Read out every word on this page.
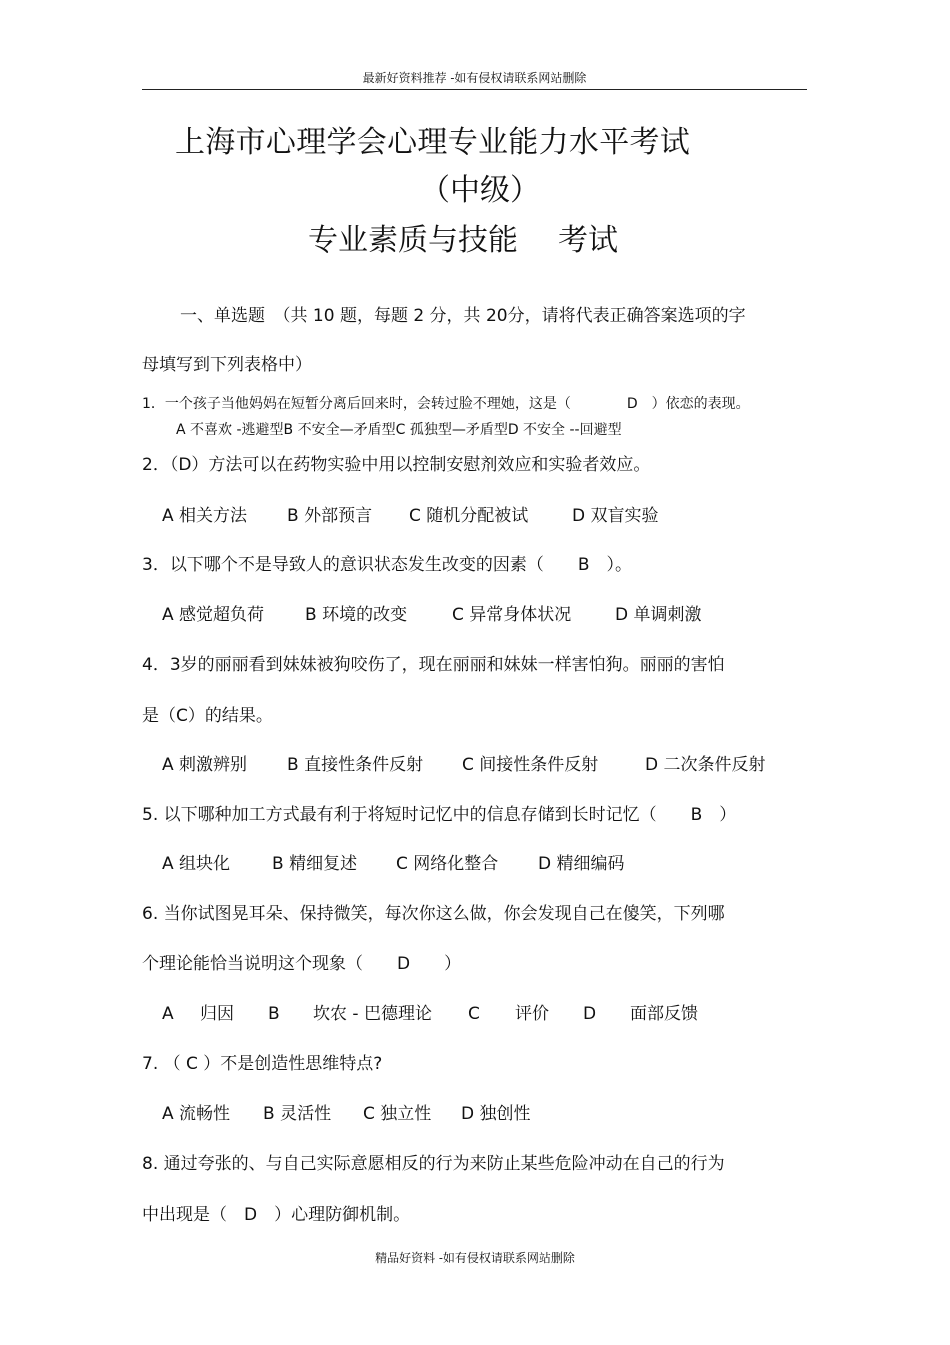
最新好资料推荐 -如有侵权请联系网站删除
上海市心理学会心理专业能力水平考试
（中级）
专业素质与技能 考试
一、单选题　（共 10 题，每题 2 分，共 20分，请将代表正确答案选项的字
母填写到下列表格中）
1．一个孩子当他妈妈在短暂分离后回来时，会转过脸不理她，这是（　　　　D　）依恋的表现。
A 不喜欢 -逃避型B 不安全—矛盾型C 孤独型—矛盾型D 不安全 --回避型
2．（D）方法可以在药物实验中用以控制安慰剂效应和实验者效应。
A 相关方法 B 外部预言 C 随机分配被试	D 双盲实验
3．以下哪个不是导致人的意识状态发生改变的因素（　　B　）。
A 感觉超负荷 B 环境的改变	C 异常身体状况	D 单调刺激
4．3岁的丽丽看到妹妹被狗咬伤了，现在丽丽和妹妹一样害怕狗。丽丽的害怕
是（C）的结果。
A 刺激辨别 B 直接性条件反射 C 间接性条件反射	D 二次条件反射
5. 以下哪种加工方式最有利于将短时记忆中的信息存储到长时记忆（　　B　）
A 组块化 B 精细复述 C 网络化整合 D 精细编码
6. 当你试图晃耳朵、保持微笑，每次你这么做，你会发现自己在傻笑，下列哪
个理论能恰当说明这个现象（　　D　　）
A 归因 B 坎农 - 巴德理论 C 评价 D 面部反馈
7. （ C ）不是创造性思维特点?
A 流畅性 B 灵活性 C 独立性 D 独创性
8. 通过夸张的、与自己实际意愿相反的行为来防止某些危险冲动在自己的行为
中出现是（　D　）心理防御机制。
精品好资料 -如有侵权请联系网站删除
